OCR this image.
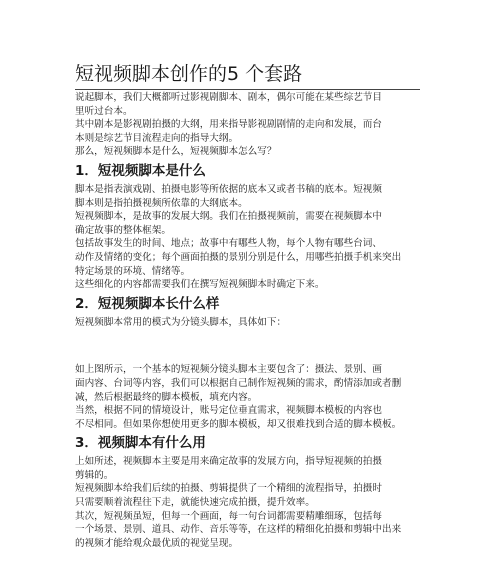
短视频脚本创作的5 个套路

说起脚本，我们大概都听过影视剧脚本、剧本，偶尔可能在某些综艺节目

里听过台本。

其中剧本是影视剧拍摄的大纲，用来指导影视剧剧情的走向和发展，而台

本则是综艺节目流程走向的指导大纲。

那么，短视频脚本是什么，短视频脚本怎么写？

1．短视频脚本是什么

脚本是指表演戏剧、拍摄电影等所依据的底本又或者书稿的底本。短视频

脚本则是指拍摄视频所依靠的大纲底本。

短视频脚本，是故事的发展大纲。我们在拍摄视频前，需要在视频脚本中

确定故事的整体框架。

包括故事发生的时间、地点；故事中有哪些人物，每个人物有哪些台词、

动作及情绪的变化；每个画面拍摄的景别分别是什么，用哪些拍摄手机来突出

特定场景的环境、情绪等。

这些细化的内容都需要我们在撰写短视频脚本时确定下来。

2．短视频脚本长什么样

短视频脚本常用的模式为分镜头脚本，具体如下：

如上图所示，一个基本的短视频分镜头脚本主要包含了：摄法、景别、画

面内容、台词等内容，我们可以根据自己制作短视频的需求，酌情添加或者删

减，然后根据最终的脚本模板，填充内容。

当然，根据不同的情境设计，账号定位垂直需求，视频脚本模板的内容也

不尽相同。但如果你想使用更多的脚本模板，却又很难找到合适的脚本模板。

3．视频脚本有什么用

上如所述，视频脚本主要是用来确定故事的发展方向，指导短视频的拍摄

剪辑的。

短视频脚本给我们后续的拍摄、剪辑提供了一个精细的流程指导，拍摄时

只需要顺着流程往下走，就能快速完成拍摄，提升效率。

其次，短视频虽短，但每一个画面，每一句台词都需要精雕细琢，包括每

一个场景、景别、道具、动作、音乐等等，在这样的精细化拍摄和剪辑中出来

的视频才能给观众最优质的视觉呈现。
